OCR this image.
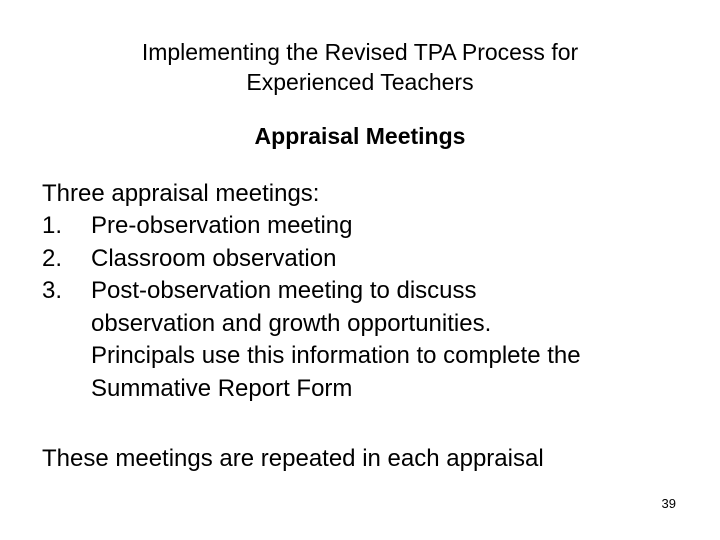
Implementing the Revised TPA Process for
Experienced Teachers
Appraisal Meetings
Three appraisal meetings:
1. Pre-observation meeting
2. Classroom observation
3. Post-observation meeting to discuss
observation and growth opportunities.
Principals use this information to complete the
Summative Report Form
These meetings are repeated in each appraisal
39
